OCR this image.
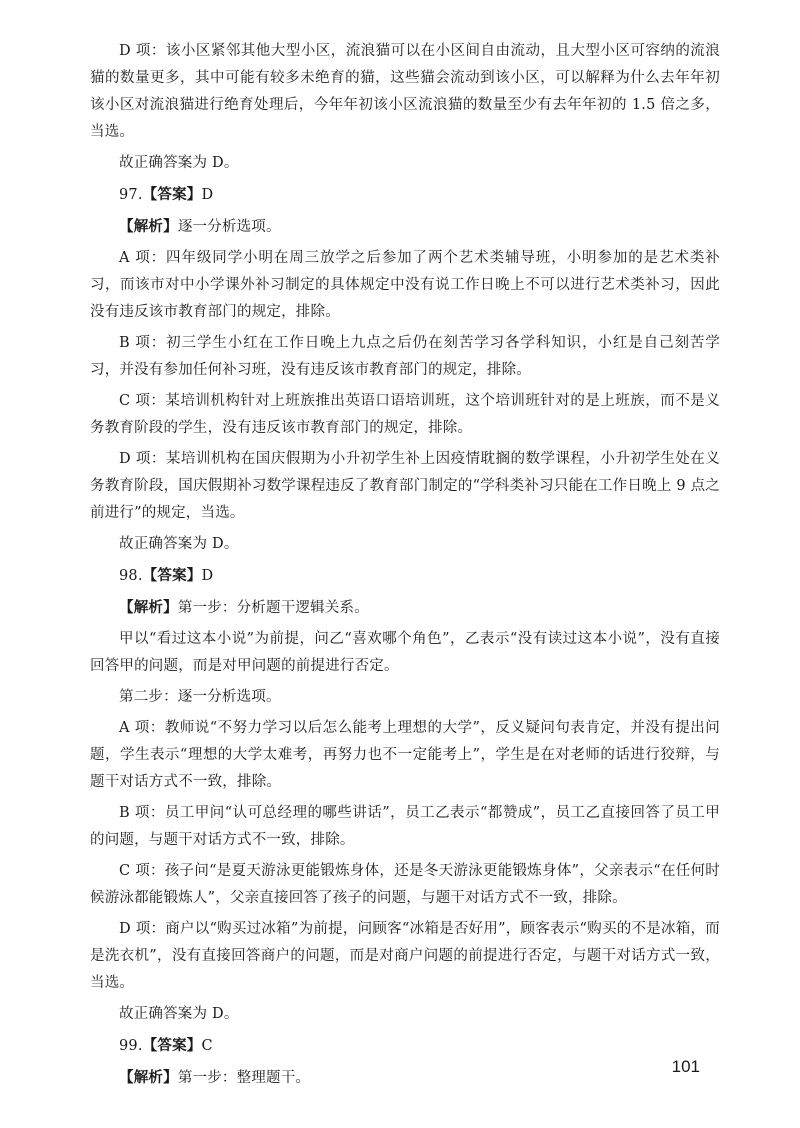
D 项：该小区紧邻其他大型小区，流浪猫可以在小区间自由流动，且大型小区可容纳的流浪猫的数量更多，其中可能有较多未绝育的猫，这些猫会流动到该小区，可以解释为什么去年年初该小区对流浪猫进行绝育处理后，今年年初该小区流浪猫的数量至少有去年年初的 1.5 倍之多，当选。

故正确答案为 D。

97.【答案】D

【解析】逐一分析选项。

A 项：四年级同学小明在周三放学之后参加了两个艺术类辅导班，小明参加的是艺术类补习，而该市对中小学课外补习制定的具体规定中没有说工作日晚上不可以进行艺术类补习，因此没有违反该市教育部门的规定，排除。

B 项：初三学生小红在工作日晚上九点之后仍在刻苦学习各学科知识，小红是自己刻苦学习，并没有参加任何补习班，没有违反该市教育部门的规定，排除。

C 项：某培训机构针对上班族推出英语口语培训班，这个培训班针对的是上班族，而不是义务教育阶段的学生，没有违反该市教育部门的规定，排除。

D 项：某培训机构在国庆假期为小升初学生补上因疫情耽搁的数学课程，小升初学生处在义务教育阶段，国庆假期补习数学课程违反了教育部门制定的“学科类补习只能在工作日晚上 9 点之前进行”的规定，当选。

故正确答案为 D。

98.【答案】D

【解析】第一步：分析题干逻辑关系。

甲以“看过这本小说”为前提，问乙“喜欢哪个角色”，乙表示“没有读过这本小说”，没有直接回答甲的问题，而是对甲问题的前提进行否定。

第二步：逐一分析选项。

A 项：教师说“不努力学习以后怎么能考上理想的大学”，反义疑问句表肯定，并没有提出问题，学生表示“理想的大学太难考，再努力也不一定能考上”，学生是在对老师的话进行狡辩，与题干对话方式不一致，排除。

B 项：员工甲问“认可总经理的哪些讲话”，员工乙表示“都赞成”，员工乙直接回答了员工甲的问题，与题干对话方式不一致，排除。

C 项：孩子问“是夏天游泳更能锻炼身体，还是冬天游泳更能锻炼身体”，父亲表示“在任何时候游泳都能锻炼人”，父亲直接回答了孩子的问题，与题干对话方式不一致，排除。

D 项：商户以“购买过冰箱”为前提，问顾客“冰箱是否好用”，顾客表示“购买的不是冰箱，而是洗衣机”，没有直接回答商户的问题，而是对商户问题的前提进行否定，与题干对话方式一致，当选。

故正确答案为 D。

99.【答案】C

【解析】第一步：整理题干。

101
